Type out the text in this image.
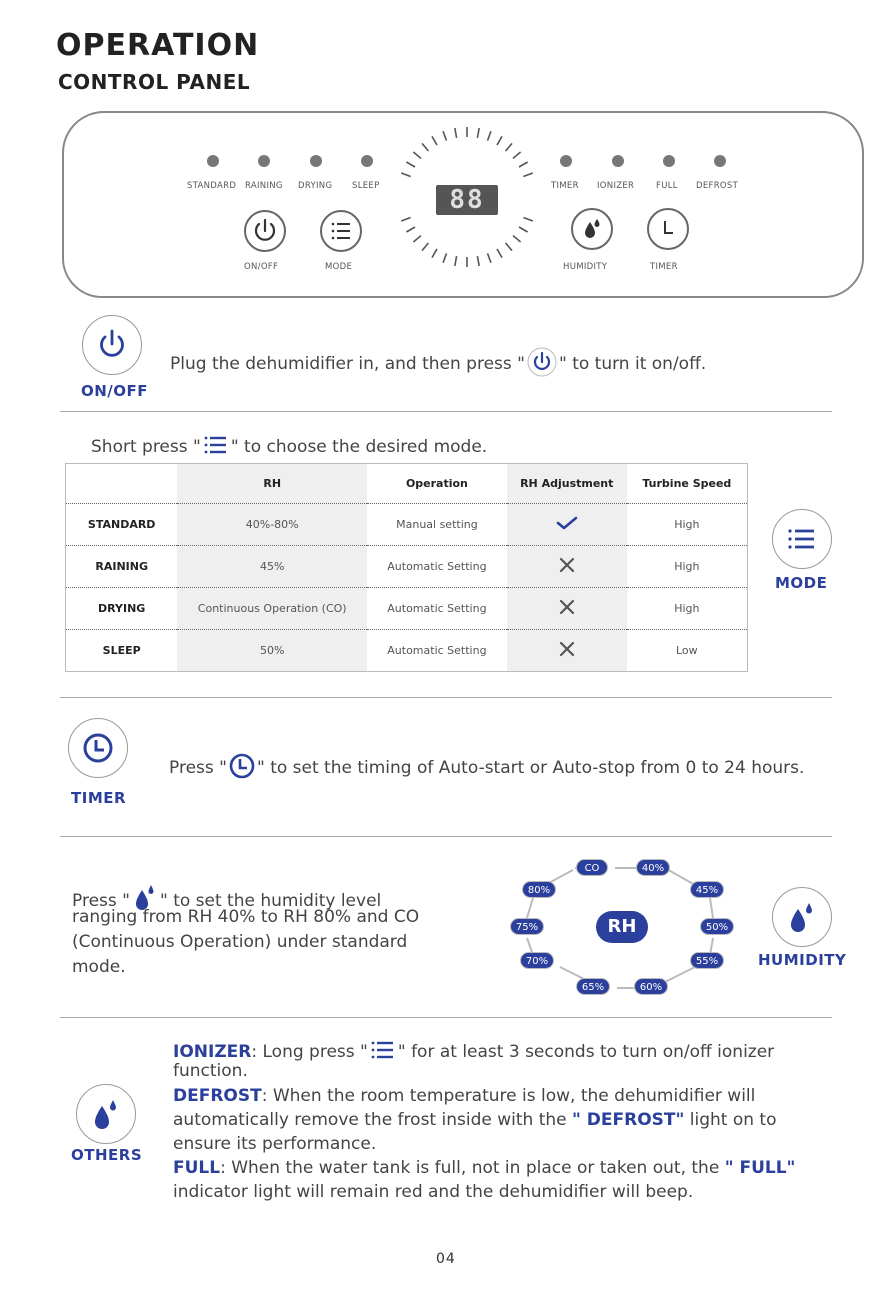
OPERATION
CONTROL PANEL
STANDARD RAINING DRYING SLEEP	TIMER IONIZER	FULL DEFROST
88
ON/OFF	MODE	HUMIDITY	TIMER
ON/OFF
Plug the dehumidifier in, and then press " " to turn it on/off.
Short press " " to choose the desired mode.
	RH	Operation	RH Adjustment	Turbine Speed
STANDARD	40%-80%	Manual setting		High
RAINING	45%	Automatic Setting		High
DRYING	Continuous Operation (CO)	Automatic Setting		High
SLEEP	50%	Automatic Setting		Low
MODE
TIMER
Press " " to set the timing of Auto-start or Auto-stop from 0 to 24 hours.
Press " " to set the humidity level
ranging from RH 40% to RH 80% and CO
(Continuous Operation) under standard
mode.
CO	40%
45%
50%
55%
60%
65%
70%
75%
80%
RH
HUMIDITY
OTHERS
IONIZER: Long press " " for at least 3 seconds to turn on/off ionizer
function.
DEFROST: When the room temperature is low, the dehumidifier will
automatically remove the frost inside with the " DEFROST" light on to
ensure its performance.
FULL: When the water tank is full, not in place or taken out, the " FULL"
indicator light will remain red and the dehumidifier will beep.
04
